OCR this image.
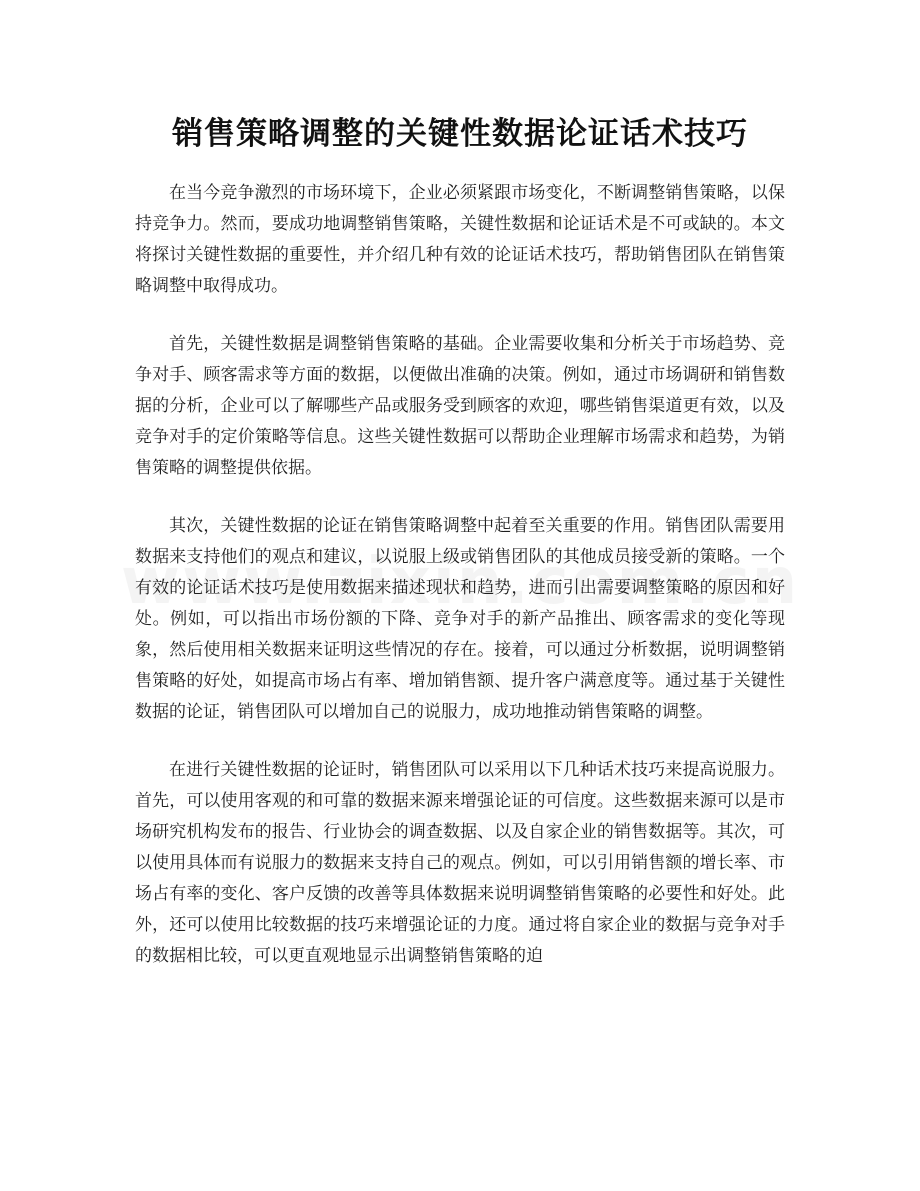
销售策略调整的关键性数据论证话术技巧

在当今竞争激烈的市场环境下，企业必须紧跟市场变化，不断调整销售策略，以保持竞争力。然而，要成功地调整销售策略，关键性数据和论证话术是不可或缺的。本文将探讨关键性数据的重要性，并介绍几种有效的论证话术技巧，帮助销售团队在销售策略调整中取得成功。

首先，关键性数据是调整销售策略的基础。企业需要收集和分析关于市场趋势、竞争对手、顾客需求等方面的数据，以便做出准确的决策。例如，通过市场调研和销售数据的分析，企业可以了解哪些产品或服务受到顾客的欢迎，哪些销售渠道更有效，以及竞争对手的定价策略等信息。这些关键性数据可以帮助企业理解市场需求和趋势，为销售策略的调整提供依据。

其次，关键性数据的论证在销售策略调整中起着至关重要的作用。销售团队需要用数据来支持他们的观点和建议，以说服上级或销售团队的其他成员接受新的策略。一个有效的论证话术技巧是使用数据来描述现状和趋势，进而引出需要调整策略的原因和好处。例如，可以指出市场份额的下降、竞争对手的新产品推出、顾客需求的变化等现象，然后使用相关数据来证明这些情况的存在。接着，可以通过分析数据，说明调整销售策略的好处，如提高市场占有率、增加销售额、提升客户满意度等。通过基于关键性数据的论证，销售团队可以增加自己的说服力，成功地推动销售策略的调整。

在进行关键性数据的论证时，销售团队可以采用以下几种话术技巧来提高说服力。首先，可以使用客观的和可靠的数据来源来增强论证的可信度。这些数据来源可以是市场研究机构发布的报告、行业协会的调查数据、以及自家企业的销售数据等。其次，可以使用具体而有说服力的数据来支持自己的观点。例如，可以引用销售额的增长率、市场占有率的变化、客户反馈的改善等具体数据来说明调整销售策略的必要性和好处。此外，还可以使用比较数据的技巧来增强论证的力度。通过将自家企业的数据与竞争对手的数据相比较，可以更直观地显示出调整销售策略的迫
